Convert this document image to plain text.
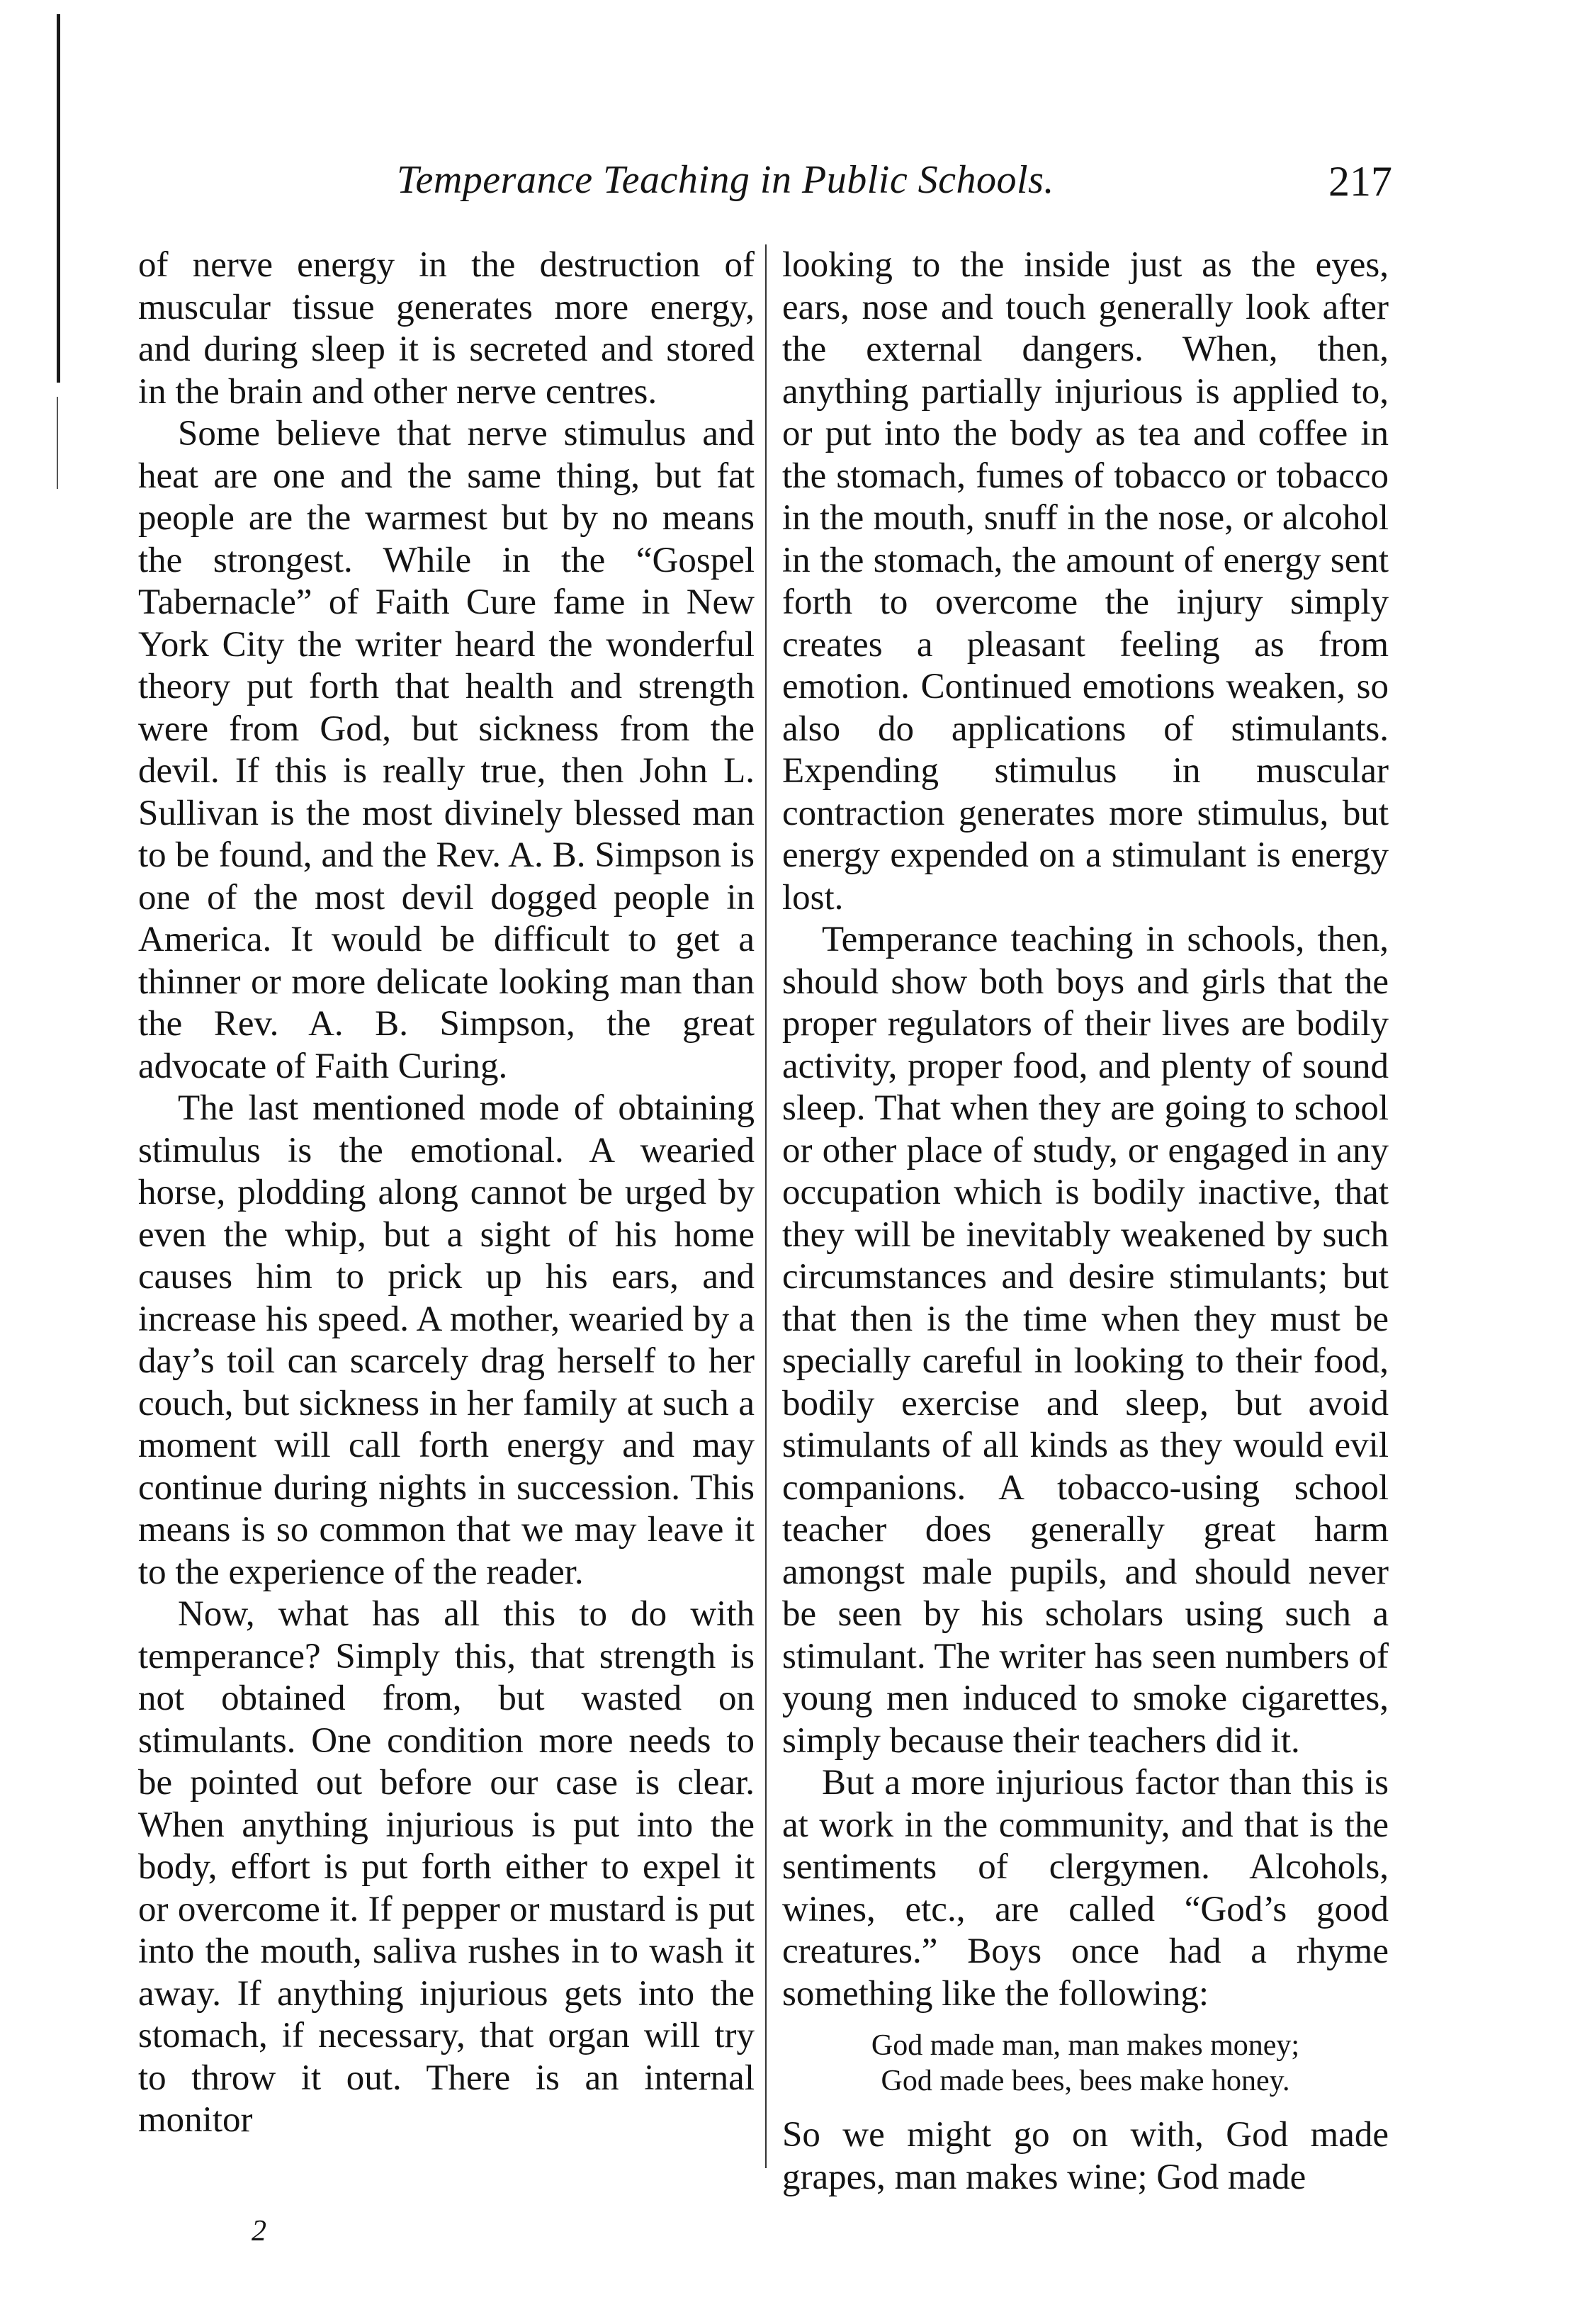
Temperance Teaching in Public Schools.	217

of nerve energy in the destruction of muscular tissue generates more energy, and during sleep it is secreted and stored in the brain and other nerve centres.

Some believe that nerve stimulus and heat are one and the same thing, but fat people are the warmest but by no means the strongest. While in the “Gospel Tabernacle” of Faith Cure fame in New York City the writer heard the wonderful theory put forth that health and strength were from God, but sickness from the devil. If this is really true, then John L. Sullivan is the most divinely blessed man to be found, and the Rev. A. B. Simpson is one of the most devil dogged people in America. It would be difficult to get a thinner or more delicate looking man than the Rev. A. B. Simpson, the great advocate of Faith Curing.

The last mentioned mode of obtaining stimulus is the emotional. A wearied horse, plodding along cannot be urged by even the whip, but a sight of his home causes him to prick up his ears, and increase his speed. A mother, wearied by a day’s toil can scarcely drag herself to her couch, but sickness in her family at such a moment will call forth energy and may continue during nights in succession. This means is so common that we may leave it to the experience of the reader.

Now, what has all this to do with temperance? Simply this, that strength is not obtained from, but wasted on stimulants. One condition more needs to be pointed out before our case is clear. When anything injurious is put into the body, effort is put forth either to expel it or overcome it. If pepper or mustard is put into the mouth, saliva rushes in to wash it away. If anything injurious gets into the stomach, if necessary, that organ will try to throw it out. There is an internal monitor

looking to the inside just as the eyes, ears, nose and touch generally look after the external dangers. When, then, anything partially injurious is applied to, or put into the body as tea and coffee in the stomach, fumes of tobacco or tobacco in the mouth, snuff in the nose, or alcohol in the stomach, the amount of energy sent forth to overcome the injury simply creates a pleasant feeling as from emotion. Continued emotions weaken, so also do applications of stimulants. Expending stimulus in muscular contraction generates more stimulus, but energy expended on a stimulant is energy lost.

Temperance teaching in schools, then, should show both boys and girls that the proper regulators of their lives are bodily activity, proper food, and plenty of sound sleep. That when they are going to school or other place of study, or engaged in any occupation which is bodily inactive, that they will be inevitably weakened by such circumstances and desire stimulants; but that then is the time when they must be specially careful in looking to their food, bodily exercise and sleep, but avoid stimulants of all kinds as they would evil companions. A tobacco-using school teacher does generally great harm amongst male pupils, and should never be seen by his scholars using such a stimulant. The writer has seen numbers of young men induced to smoke cigarettes, simply because their teachers did it.

But a more injurious factor than this is at work in the community, and that is the sentiments of clergymen. Alcohols, wines, etc., are called “God’s good creatures.” Boys once had a rhyme something like the following:

God made man, man makes money;
God made bees, bees make honey.

So we might go on with, God made grapes, man makes wine; God made

2
